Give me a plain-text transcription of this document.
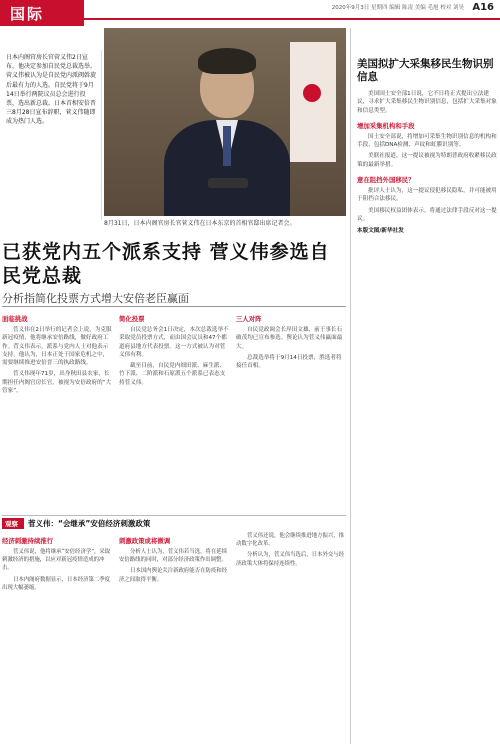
国际	2020年9月3日 星期四 编辑 陈凌 美编 毛旭 校对 刘昊 A16
日本内阁官房长官菅义伟2日宣布，他决定参加自民党总裁选举。菅义伟被认为是自民党内派阀斡旋后最有力的人选。自民党将于9月14日举行两院议员总会进行投票，选出新总裁。日本首相安倍晋三8月28日宣布辞职，菅义伟随即成为热门人选。
8月31日，日本内阁官房长官菅义伟在日本东京的首相官邸出席记者会。
已获党内五个派系支持 菅义伟参选自民党总裁
分析指简化投票方式增大安倍老臣赢面
面临挑战

菅义伟在2日举行的记者会上说，为克服新冠疫情，他将继承安倍路线，做好政府工作。菅义伟表示，派系与党内人士对他表示支持。他认为，日本正处于国家危机之中，需要继续推进安倍晋三的执政路线。

菅义伟现年71岁，出身秋田县农家，长期担任内阁官房长官，被视为安倍政府的“大管家”。

简化投票

自民党总务会1日决定，本次总裁选举不采取党员投票方式，而由国会议员和47个都道府县地方代表投票。这一方式被认为对菅义伟有利。

截至目前，自民党内细田派、麻生派、竹下派、二阶派和石原派五个派系已表态支持菅义伟。

三人对阵

自民党政调会长岸田文雄、前干事长石破茂均已宣布参选。舆论认为菅义伟赢面最大。

总裁选举将于9月14日投票，胜选者将接任首相。

观察	菅义伟：“会继承”安倍经济刺激政策
经济刺激持续推行

菅义伟说，他将继承“安倍经济学”，采取刺激经济的措施，以应对新冠疫情造成的冲击。

日本内阁府数据显示，日本经济第二季度出现大幅萎缩。

刺激政策或将微调

分析人士认为，菅义伟若当选，将在延续安倍路线的同时，对部分经济政策作出调整。

日本国内舆论关注新政府能否在防疫和经济之间取得平衡。

菅义伟还说，他会继续推进地方振兴，推动数字化改革。

分析认为，菅义伟当选后，日本外交与经济政策大体将保持连续性。

美国拟扩大采集移民生物识别信息

美国国土安全部1日说，它不日将正式提出立法建议，寻求扩大采集移民生物识别信息，包括扩大采集对象和信息类型。

增加采集机构和手段

国土安全部说，将增加可采集生物识别信息的机构和手段，包括DNA检测、声纹和虹膜识别等。

美联社报道，这一提议被视为特朗普政府收紧移民政策的最新举措。

意在阻挡外国移民？

批评人士认为，这一提议侵犯移民隐私，并可能被用于阻挡合法移民。

美国移民权益团体表示，将通过法律手段反对这一提议。

本版文图/新华社发
